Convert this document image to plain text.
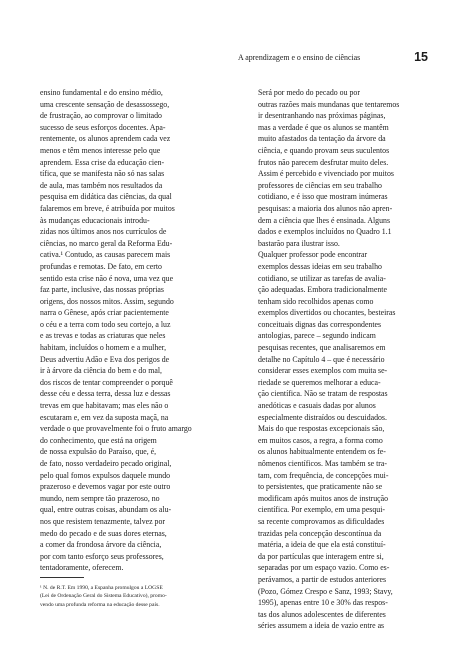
A aprendizagem e o ensino de ciências	15
ensino fundamental e do ensino médio,
uma crescente sensação de desassossego,
de frustração, ao comprovar o limitado
sucesso de seus esforços docentes. Apa-
rentemente, os alunos aprendem cada vez
menos e têm menos interesse pelo que
aprendem. Essa crise da educação cien-
tífica, que se manifesta não só nas salas
de aula, mas também nos resultados da
pesquisa em didática das ciências, da qual
falaremos em breve, é atribuída por muitos
às mudanças educacionais introdu-
zidas nos últimos anos nos currículos de
ciências, no marco geral da Reforma Edu-
cativa.¹ Contudo, as causas parecem mais
profundas e remotas. De fato, em certo
sentido esta crise não é nova, uma vez que
faz parte, inclusive, das nossas próprias
origens, dos nossos mitos. Assim, segundo
narra o Gênese, após criar pacientemente
o céu e a terra com todo seu cortejo, a luz
e as trevas e todas as criaturas que neles
habitam, incluídos o homem e a mulher,
Deus advertiu Adão e Eva dos perigos de
ir à árvore da ciência do bem e do mal,
dos riscos de tentar compreender o porquê
desse céu e dessa terra, dessa luz e dessas
trevas em que habitavam; mas eles não o
escutaram e, em vez da suposta maçã, na
verdade o que provavelmente foi o fruto amargo
do conhecimento, que está na origem
de nossa expulsão do Paraíso, que, é,
de fato, nosso verdadeiro pecado original,
pelo qual fomos expulsos daquele mundo
prazeroso e devemos vagar por este outro
mundo, nem sempre tão prazeroso, no
qual, entre outras coisas, abundam os alu-
nos que resistem tenazmente, talvez por
medo do pecado e de suas dores eternas,
a comer da frondosa árvore da ciência,
por com tanto esforço seus professores,
tentadoramente, oferecem.
Será por medo do pecado ou por
outras razões mais mundanas que tentaremos
ir desentranhando nas próximas páginas,
mas a verdade é que os alunos se mantêm
muito afastados da tentação da árvore da
ciência, e quando provam seus suculentos
frutos não parecem desfrutar muito deles.
Assim é percebido e vivenciado por muitos
professores de ciências em seu trabalho
cotidiano, e é isso que mostram inúmeras
pesquisas: a maioria dos alunos não apren-
dem a ciência que lhes é ensinada. Alguns
dados e exemplos incluídos no Quadro 1.1
bastarão para ilustrar isso.
Qualquer professor pode encontrar
exemplos dessas ideias em seu trabalho
cotidiano, se utilizar as tarefas de avalia-
ção adequadas. Embora tradicionalmente
tenham sido recolhidos apenas como
exemplos divertidos ou chocantes, besteiras
conceituais dignas das correspondentes
antologias, parece – segundo indicam
pesquisas recentes, que analisaremos em
detalhe no Capítulo 4 – que é necessário
considerar esses exemplos com muita se-
riedade se queremos melhorar a educa-
ção científica. Não se tratam de respostas
anedóticas e casuais dadas por alunos
especialmente distraídos ou descuidados.
Mais do que respostas excepcionais são,
em muitos casos, a regra, a forma como
os alunos habitualmente entendem os fe-
nômenos científicos. Mas também se tra-
tam, com frequência, de concepções mui-
to persistentes, que praticamente não se
modificam após muitos anos de instrução
científica. Por exemplo, em uma pesqui-
sa recente comprovamos as dificuldades
trazidas pela concepção descontínua da
matéria, a ideia de que ela está constituí-
da por partículas que interagem entre si,
separadas por um espaço vazio. Como es-
perávamos, a partir de estudos anteriores
(Pozo, Gómez Crespo e Sanz, 1993; Stavy,
1995), apenas entre 10 e 30% das respos-
tas dos alunos adolescentes de diferentes
séries assumem a ideia de vazio entre as
¹ N. de R.T. Em 1990, a Espanha promulgou a LOGSE
(Lei de Ordenação Geral do Sistema Educativo), promo-
vendo uma profunda reforma na educação desse país.
